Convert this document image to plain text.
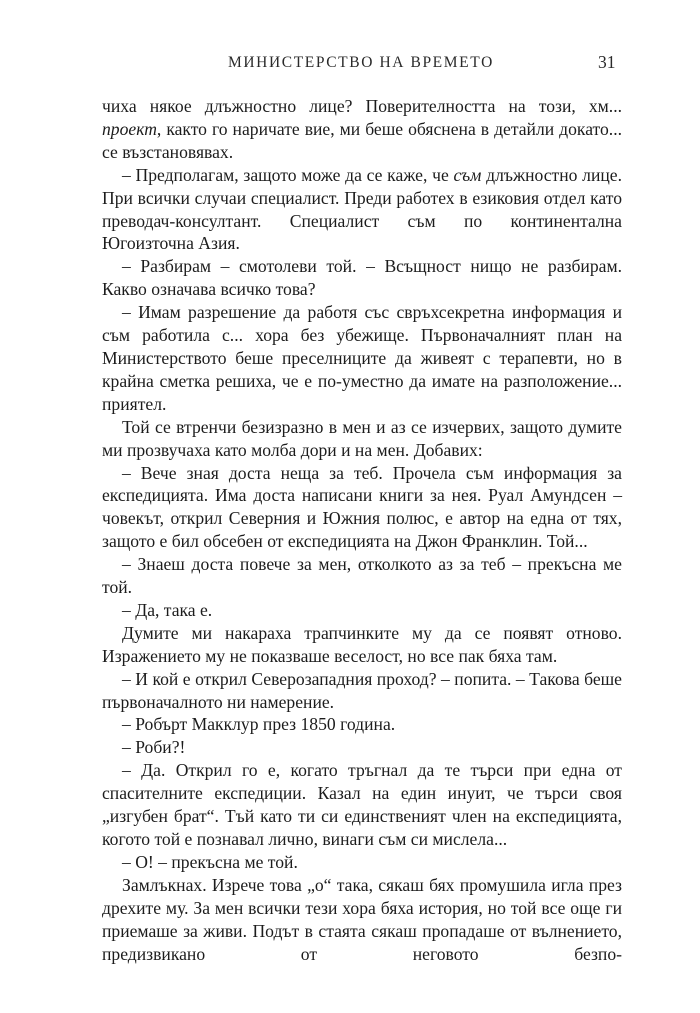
МИНИСТЕРСТВО НА ВРЕМЕТО	31

чиха някое длъжностно лице? Поверителността на този, хм... проект, както го наричате вие, ми беше обяснена в детайли докато... се възстановявах.

– Предполагам, защото може да се каже, че съм длъжностно лице. При всички случаи специалист. Преди работех в езиковия отдел като преводач-консултант. Специалист съм по континентална Югоизточна Азия.

– Разбирам – смотолеви той. – Всъщност нищо не разбирам. Какво означава всичко това?

– Имам разрешение да работя със свръхсекретна информация и съм работила с... хора без убежище. Първоначалният план на Министерството беше преселниците да живеят с терапевти, но в крайна сметка решиха, че е по-уместно да имате на разположение... приятел.

Той се втренчи безизразно в мен и аз се изчервих, защото думите ми прозвучаха като молба дори и на мен. Добавих:

– Вече зная доста неща за теб. Прочела съм информация за експедицията. Има доста написани книги за нея. Руал Амундсен – човекът, открил Северния и Южния полюс, е автор на една от тях, защото е бил обсебен от експедицията на Джон Франклин. Той...

– Знаеш доста повече за мен, отколкото аз за теб – прекъсна ме той.

– Да, така е.

Думите ми накараха трапчинките му да се появят отново. Изражението му не показваше веселост, но все пак бяха там.

– И кой е открил Северозападния проход? – попита. – Такова беше първоначалното ни намерение.

– Робърт Макклур през 1850 година.

– Роби?!

– Да. Открил го е, когато тръгнал да те търси при една от спасителните експедиции. Казал на един инуит, че търси своя „изгубен брат“. Тъй като ти си единственият член на експедицията, когото той е познавал лично, винаги съм си мислела...

– О! – прекъсна ме той.

Замлъкнах. Изрече това „о“ така, сякаш бях промушила игла през дрехите му. За мен всички тези хора бяха история, но той все още ги приемаше за живи. Подът в стаята сякаш пропадаше от вълнението, предизвикано от неговото безпо-
